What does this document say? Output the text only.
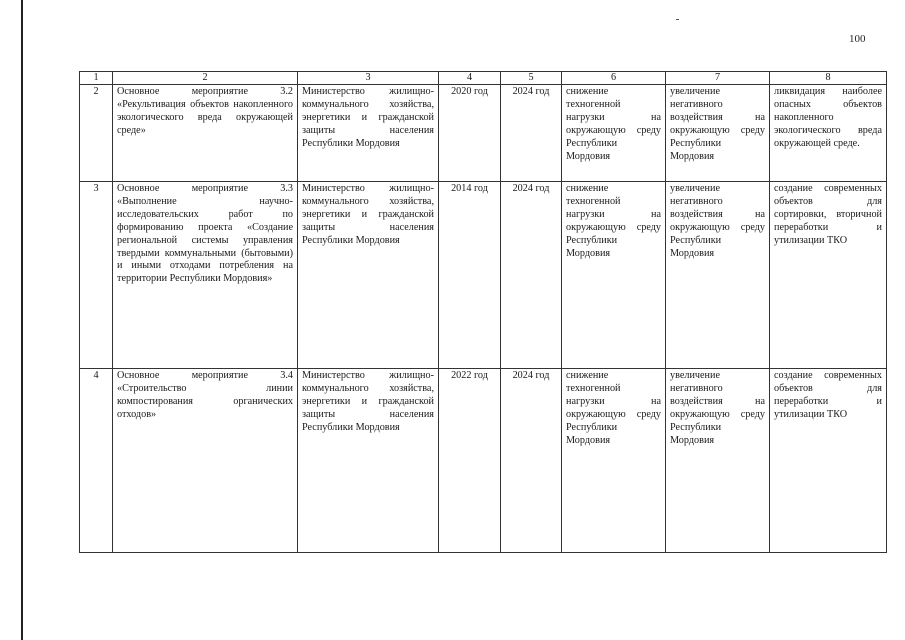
100
1	2	3	4	5	6	7	8
2	Основное мероприятие 3.2 «Рекультивация объектов накопленного экологического вреда окружающей среде»	Министерство жилищно-коммунального хозяйства, энергетики и гражданской защиты населения Республики Мордовия	2020 год	2024 год	снижение техногенной нагрузки на окружающую среду Республики Мордовия	увеличение негативного воздействия на окружающую среду Республики Мордовия	ликвидация наиболее опасных объектов накопленного экологического вреда окружающей среде.
3	Основное мероприятие 3.3 «Выполнение научно-исследовательских работ по формированию проекта «Создание региональной системы управления твердыми коммунальными (бытовыми) и иными отходами потребления на территории Республики Мордовия»	Министерство жилищно-коммунального хозяйства, энергетики и гражданской защиты населения Республики Мордовия	2014 год	2024 год	снижение техногенной нагрузки на окружающую среду Республики Мордовия	увеличение негативного воздействия на окружающую среду Республики Мордовия	создание современных объектов для сортировки, вторичной переработки и утилизации ТКО
4	Основное мероприятие 3.4 «Строительство линии компостирования органических отходов»	Министерство жилищно-коммунального хозяйства, энергетики и гражданской защиты населения Республики Мордовия	2022 год	2024 год	снижение техногенной нагрузки на окружающую среду Республики Мордовия	увеличение негативного воздействия на окружающую среду Республики Мордовия	создание современных объектов для переработки и утилизации ТКО
